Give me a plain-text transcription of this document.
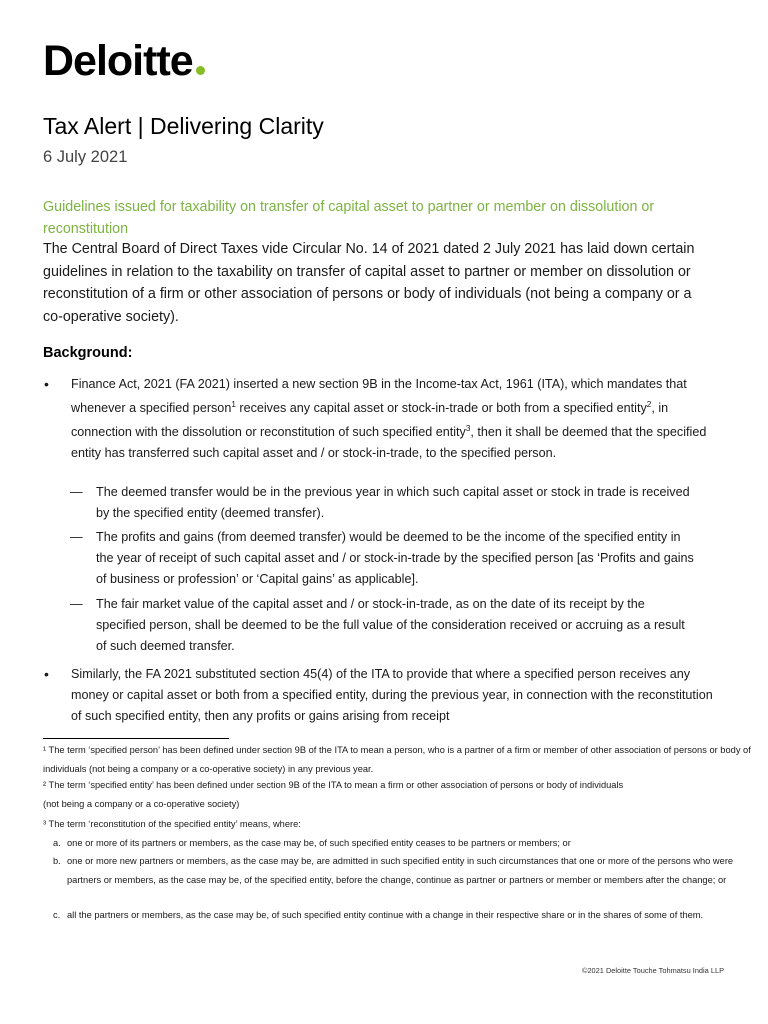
Deloitte
Tax Alert | Delivering Clarity
6 July 2021
Guidelines issued for taxability on transfer of capital asset to partner or member on dissolution or reconstitution
The Central Board of Direct Taxes vide Circular No. 14 of 2021 dated 2 July 2021 has laid down certain guidelines in relation to the taxability on transfer of capital asset to partner or member on dissolution or reconstitution of a firm or other association of persons or body of individuals (not being a company or a co-operative society).
Background:
• Finance Act, 2021 (FA 2021) inserted a new section 9B in the Income-tax Act, 1961 (ITA), which mandates that whenever a specified person$^1$ receives any capital asset or stock-in-trade or both from a specified entity$^2$, in connection with the dissolution or reconstitution of such specified entity$^3$, then it shall be deemed that the specified entity has transferred such capital asset and / or stock-in-trade, to the specified person.
— The deemed transfer would be in the previous year in which such capital asset or stock in trade is received by the specified entity (deemed transfer).
— The profits and gains (from deemed transfer) would be deemed to be the income of the specified entity in the year of receipt of such capital asset and / or stock-in-trade by the specified person [as ‘Profits and gains of business or profession’ or ‘Capital gains’ as applicable].
— The fair market value of the capital asset and / or stock-in-trade, as on the date of its receipt by the specified person, shall be deemed to be the full value of the consideration received or accruing as a result of such deemed transfer.
• Similarly, the FA 2021 substituted section 45(4) of the ITA to provide that where a specified person receives any money or capital asset or both from a specified entity, during the previous year, in connection with the reconstitution of such specified entity, then any profits or gains arising from receipt
¹ The term ‘specified person’ has been defined under section 9B of the ITA to mean a person, who is a partner of a firm or member of other association of persons or body of individuals (not being a company or a co-operative society) in any previous year.
² The term ‘specified entity’ has been defined under section 9B of the ITA to mean a firm or other association of persons or body of individuals
(not being a company or a co-operative society)
³ The term ‘reconstitution of the specified entity’ means, where:
a. one or more of its partners or members, as the case may be, of such specified entity ceases to be partners or members; or
b. one or more new partners or members, as the case may be, are admitted in such specified entity in such circumstances that one or more of the persons who were partners or members, as the case may be, of the specified entity, before the change, continue as partner or partners or member or members after the change; or
c. all the partners or members, as the case may be, of such specified entity continue with a change in their respective share or in the shares of some of them.
©2021 Deloitte Touche Tohmatsu India LLP
